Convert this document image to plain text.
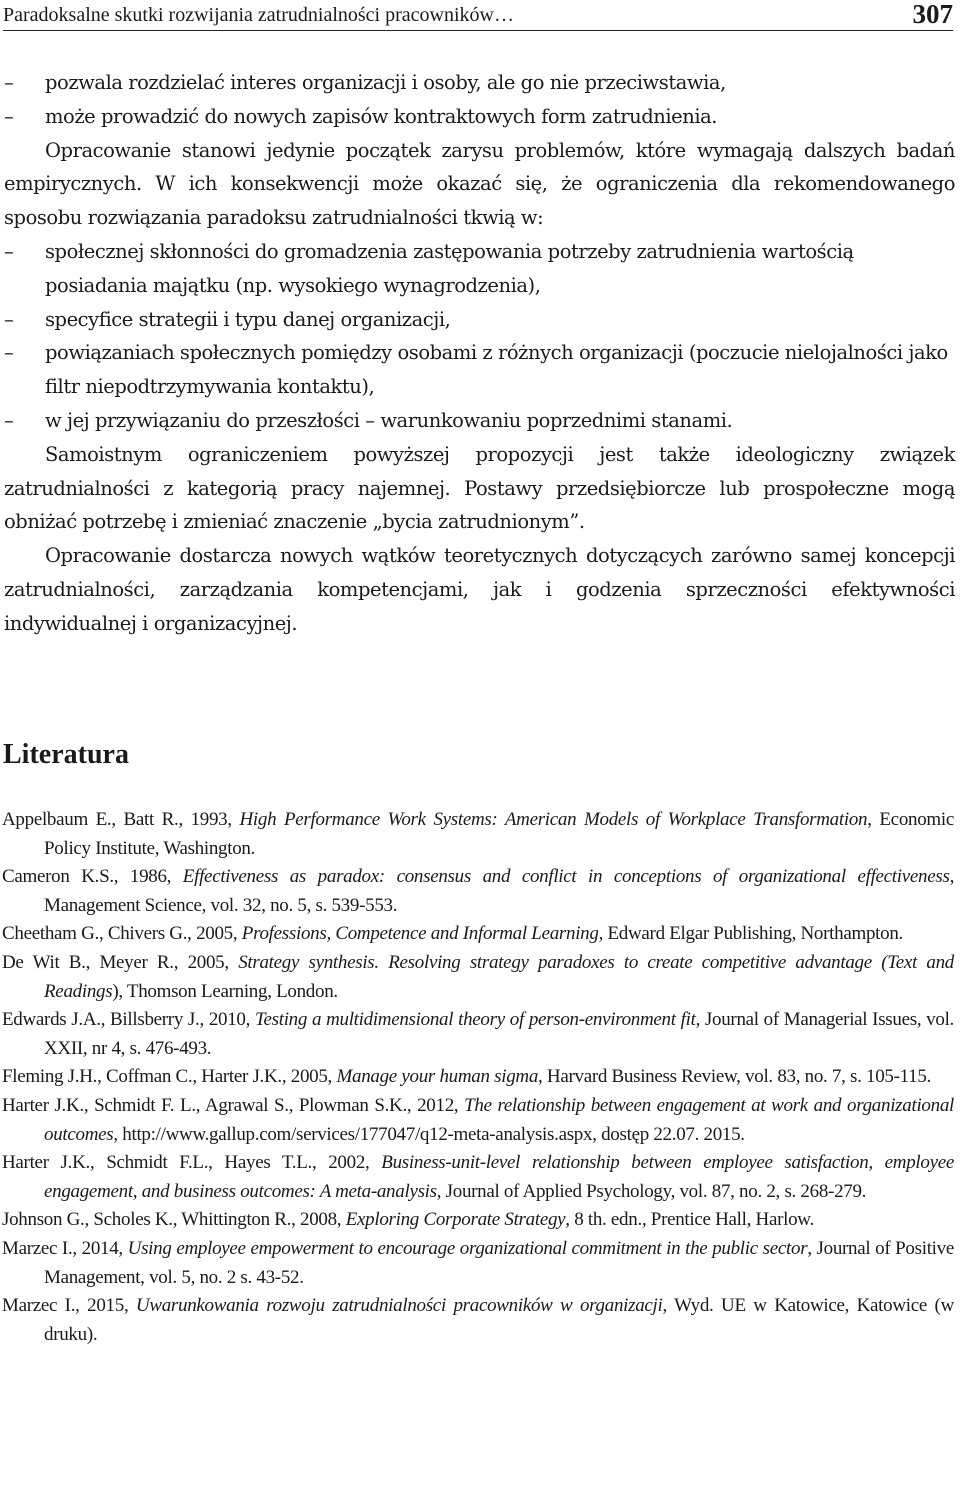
Paradoksalne skutki rozwijania zatrudnialności pracowników…	307
– pozwala rozdzielać interes organizacji i osoby, ale go nie przeciwstawia,
– może prowadzić do nowych zapisów kontraktowych form zatrudnienia.

Opracowanie stanowi jedynie początek zarysu problemów, które wymagają dalszych badań empirycznych. W ich konsekwencji może okazać się, że ograniczenia dla rekomendowanego sposobu rozwiązania paradoksu zatrudnialności tkwią w:

– społecznej skłonności do gromadzenia zastępowania potrzeby zatrudnienia wartością posiadania majątku (np. wysokiego wynagrodzenia),
– specyfice strategii i typu danej organizacji,
– powiązaniach społecznych pomiędzy osobami z różnych organizacji (poczucie nielojalności jako filtr niepodtrzymywania kontaktu),
– w jej przywiązaniu do przeszłości – warunkowaniu poprzednimi stanami.

Samoistnym ograniczeniem powyższej propozycji jest także ideologiczny związek zatrudnialności z kategorią pracy najemnej. Postawy przedsiębiorcze lub prospołeczne mogą obniżać potrzebę i zmieniać znaczenie „bycia zatrudnionym”.

Opracowanie dostarcza nowych wątków teoretycznych dotyczących zarówno samej koncepcji zatrudnialności, zarządzania kompetencjami, jak i godzenia sprzeczności efektywności indywidualnej i organizacyjnej.

Literatura

Appelbaum E., Batt R., 1993, High Performance Work Systems: American Models of Workplace Transformation, Economic Policy Institute, Washington.

Cameron K.S., 1986, Effectiveness as paradox: consensus and conflict in conceptions of organizational effectiveness, Management Science, vol. 32, no. 5, s. 539-553.

Cheetham G., Chivers G., 2005, Professions, Competence and Informal Learning, Edward Elgar Publishing, Northampton.

De Wit B., Meyer R., 2005, Strategy synthesis. Resolving strategy paradoxes to create competitive advantage (Text and Readings), Thomson Learning, London.

Edwards J.A., Billsberry J., 2010, Testing a multidimensional theory of person-environment fit, Journal of Managerial Issues, vol. XXII, nr 4, s. 476-493.

Fleming J.H., Coffman C., Harter J.K., 2005, Manage your human sigma, Harvard Business Review, vol. 83, no. 7, s. 105-115.

Harter J.K., Schmidt F. L., Agrawal S., Plowman S.K., 2012, The relationship between engagement at work and organizational outcomes, http://www.gallup.com/services/177047/q12-meta-analysis.aspx, dostęp 22.07. 2015.

Harter J.K., Schmidt F.L., Hayes T.L., 2002, Business-unit-level relationship between employee satisfaction, employee engagement, and business outcomes: A meta-analysis, Journal of Applied Psychology, vol. 87, no. 2, s. 268-279.

Johnson G., Scholes K., Whittington R., 2008, Exploring Corporate Strategy, 8 th. edn., Prentice Hall, Harlow.

Marzec I., 2014, Using employee empowerment to encourage organizational commitment in the public sector, Journal of Positive Management, vol. 5, no. 2 s. 43-52.

Marzec I., 2015, Uwarunkowania rozwoju zatrudnialności pracowników w organizacji, Wyd. UE w Katowice, Katowice (w druku).
